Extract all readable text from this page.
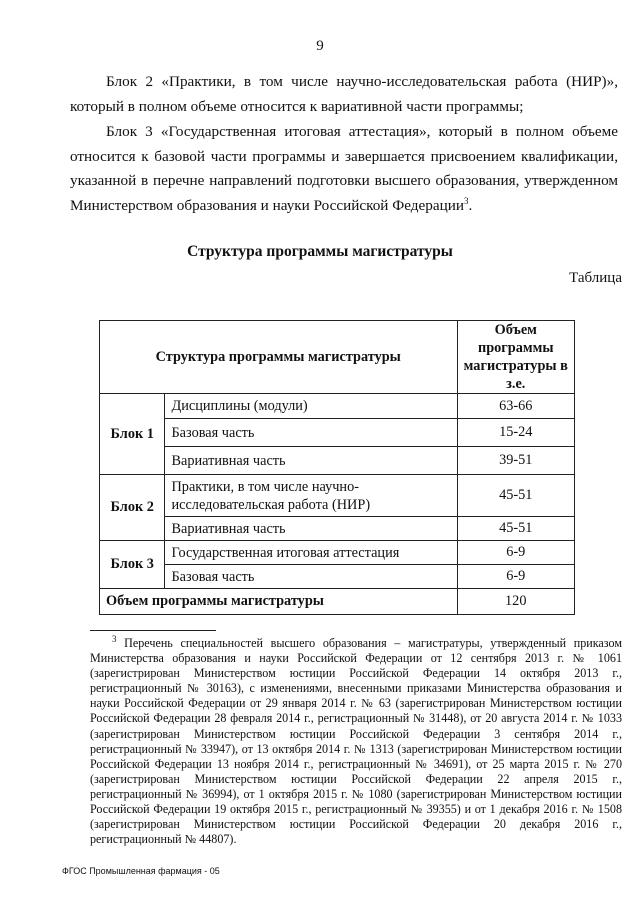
9

Блок 2 «Практики, в том числе научно-исследовательская работа (НИР)», который в полном объеме относится к вариативной части программы;

Блок 3 «Государственная итоговая аттестация», который в полном объеме относится к базовой части программы и завершается присвоением квалификации, указанной в перечне направлений подготовки высшего образования, утвержденном Министерством образования и науки Российской Федерации$^3$.

Структура программы магистратуры
Таблица
Структура программы магистратуры		Объем программы магистратуры в з.е.
Блок 1	Дисциплины (модули)	63-66
	Базовая часть	15-24
	Вариативная часть	39-51
Блок 2	Практики, в том числе научно-исследовательская работа (НИР)	45-51
	Вариативная часть	45-51
Блок 3	Государственная итоговая аттестация	6-9
	Базовая часть	6-9
Объем программы магистратуры		120

$^3$ Перечень специальностей высшего образования – магистратуры, утвержденный приказом Министерства образования и науки Российской Федерации от 12 сентября 2013 г. № 1061 (зарегистрирован Министерством юстиции Российской Федерации 14 октября 2013 г., регистрационный № 30163), с изменениями, внесенными приказами Министерства образования и науки Российской Федерации от 29 января 2014 г. № 63 (зарегистрирован Министерством юстиции Российской Федерации 28 февраля 2014 г., регистрационный № 31448), от 20 августа 2014 г. № 1033 (зарегистрирован Министерством юстиции Российской Федерации 3 сентября 2014 г., регистрационный № 33947), от 13 октября 2014 г. № 1313 (зарегистрирован Министерством юстиции Российской Федерации 13 ноября 2014 г., регистрационный № 34691), от 25 марта 2015 г. № 270 (зарегистрирован Министерством юстиции Российской Федерации 22 апреля 2015 г., регистрационный № 36994), от 1 октября 2015 г. № 1080 (зарегистрирован Министерством юстиции Российской Федерации 19 октября 2015 г., регистрационный № 39355) и от 1 декабря 2016 г. № 1508 (зарегистрирован Министерством юстиции Российской Федерации 20 декабря 2016 г., регистрационный № 44807).

ФГОС Промышленная фармация - 05
